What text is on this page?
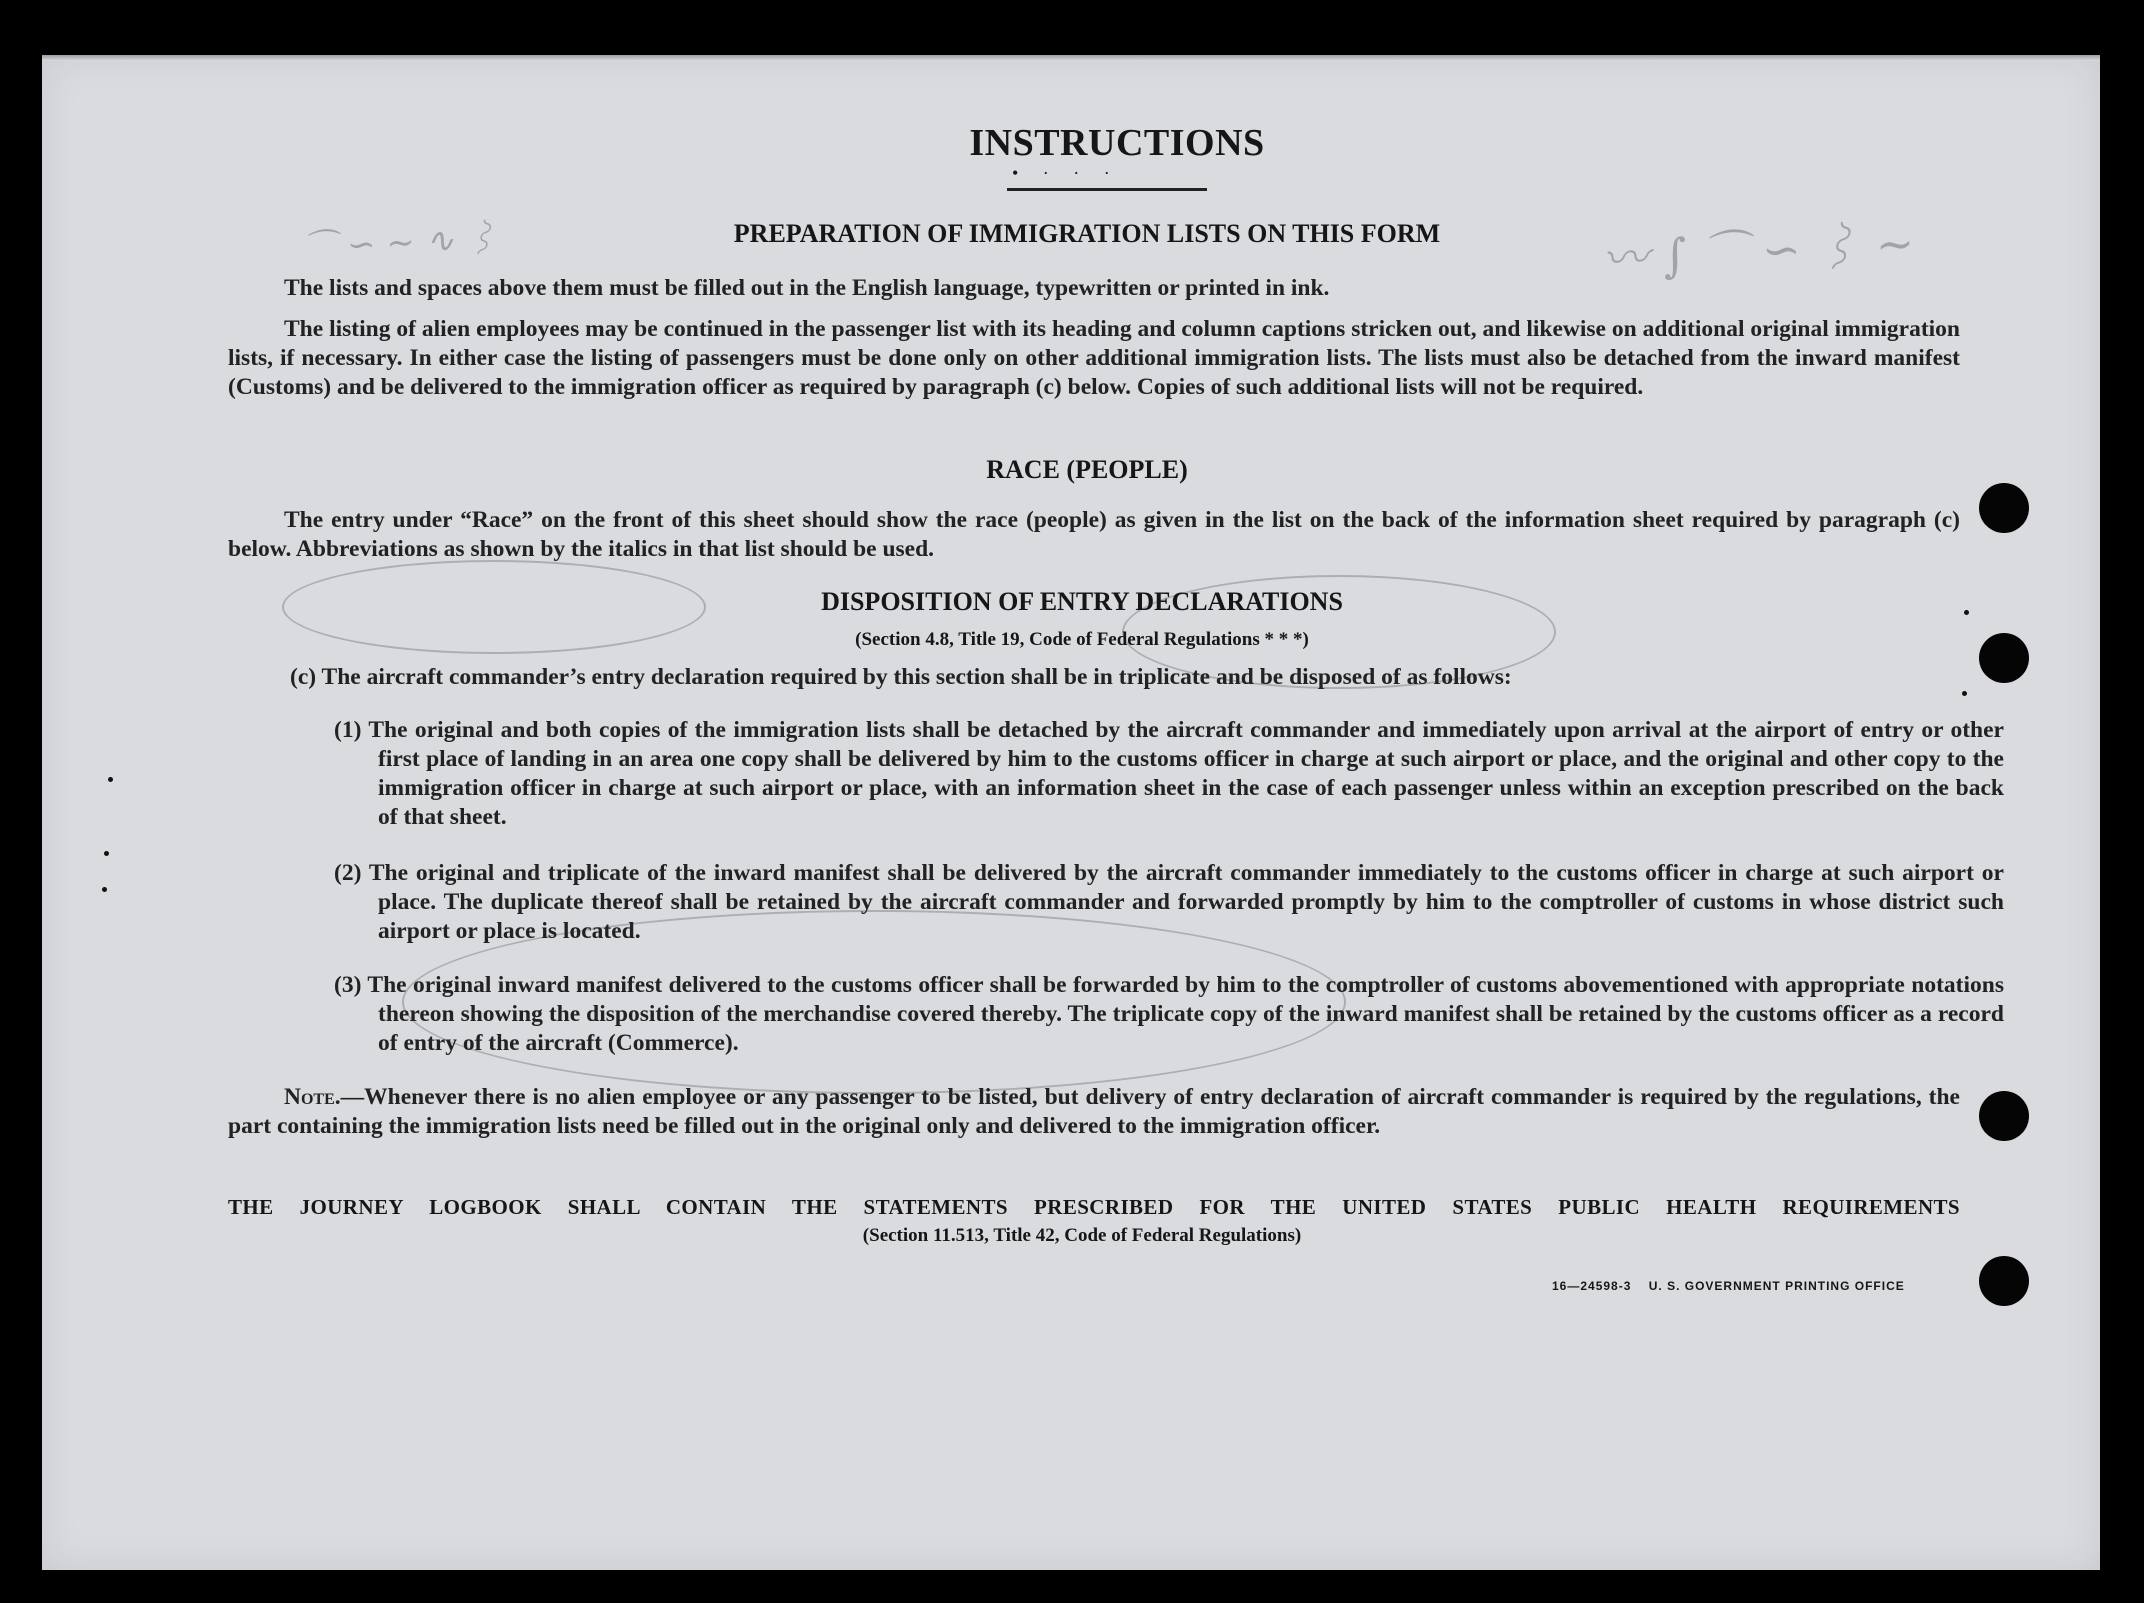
INSTRUCTIONS
• · · ·
〰 ∫ ⌒ ∽ ⌇ ∼
⌒ ∽ ∼ ∿ ⌇	PREPARATION OF IMMIGRATION LISTS ON THIS FORM
The lists and spaces above them must be filled out in the English language, typewritten or printed in ink.
The listing of alien employees may be continued in the passenger list with its heading and column captions stricken out, and likewise on additional original immigration lists, if necessary. In either case the listing of passengers must be done only on other additional immigration lists. The lists must also be detached from the inward manifest (Customs) and be delivered to the immigration officer as required by paragraph (c) below. Copies of such additional lists will not be required.
RACE (PEOPLE)
The entry under “Race” on the front of this sheet should show the race (people) as given in the list on the back of the information sheet required by paragraph (c) below. Abbreviations as shown by the italics in that list should be used.
DISPOSITION OF ENTRY DECLARATIONS
(Section 4.8, Title 19, Code of Federal Regulations * * *)
(c) The aircraft commander’s entry declaration required by this section shall be in triplicate and be disposed of as follows:
(1) The original and both copies of the immigration lists shall be detached by the aircraft commander and immediately upon arrival at the airport of entry or other first place of landing in an area one copy shall be delivered by him to the customs officer in charge at such airport or place, and the original and other copy to the immigration officer in charge at such airport or place, with an information sheet in the case of each passenger unless within an exception prescribed on the back of that sheet.
(2) The original and triplicate of the inward manifest shall be delivered by the aircraft commander immediately to the customs officer in charge at such airport or place. The duplicate thereof shall be retained by the aircraft commander and forwarded promptly by him to the comptroller of customs in whose district such airport or place is located.
(3) The original inward manifest delivered to the customs officer shall be forwarded by him to the comptroller of customs abovementioned with appropriate notations thereon showing the disposition of the merchandise covered thereby. The triplicate copy of the inward manifest shall be retained by the customs officer as a record of entry of the aircraft (Commerce).
Note.—Whenever there is no alien employee or any passenger to be listed, but delivery of entry declaration of aircraft commander is required by the regulations, the part containing the immigration lists need be filled out in the original only and delivered to the immigration officer.
THE JOURNEY LOGBOOK SHALL CONTAIN THE STATEMENTS PRESCRIBED FOR THE UNITED STATES PUBLIC HEALTH REQUIREMENTS
(Section 11.513, Title 42, Code of Federal Regulations)
16—24598-3 U. S. GOVERNMENT PRINTING OFFICE
